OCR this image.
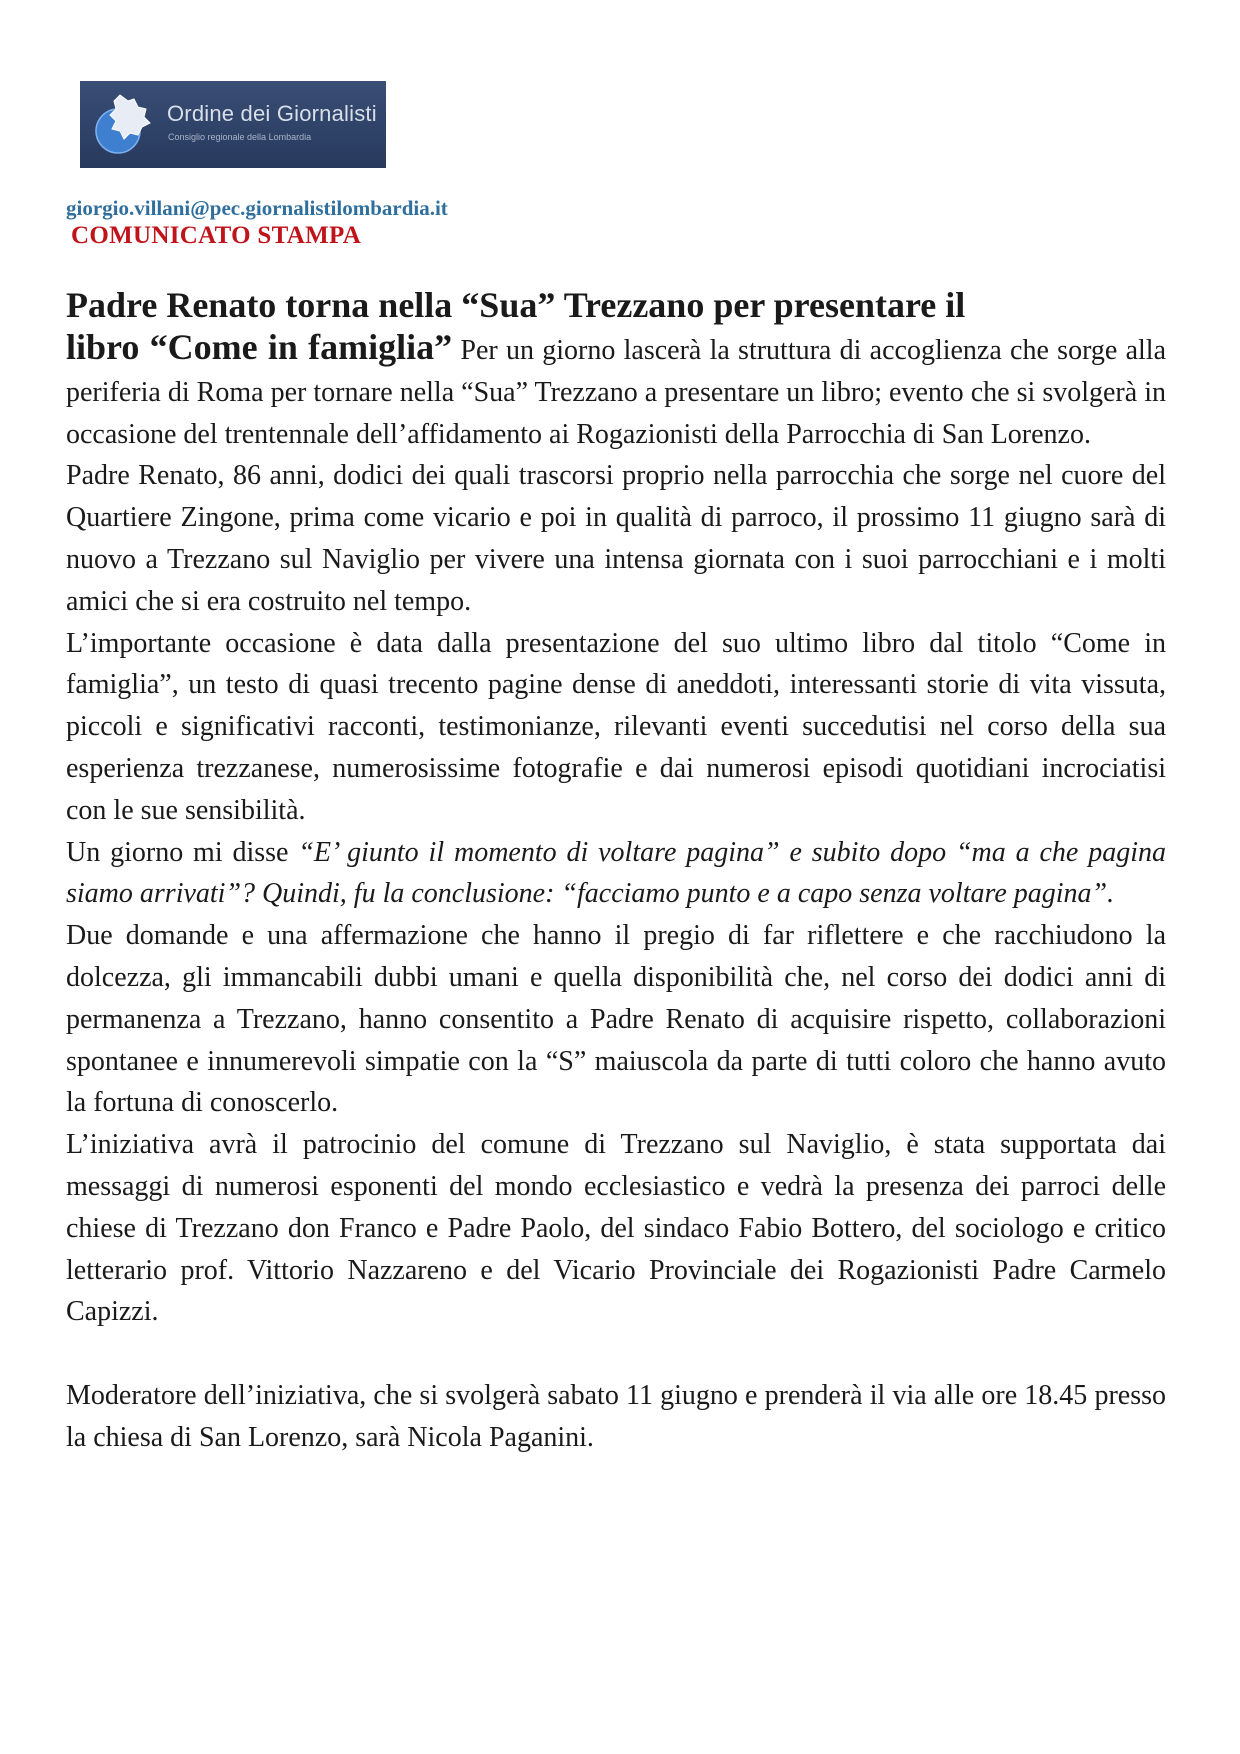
Ordine dei Giornalisti
Consiglio regionale della Lombardia
giorgio.villani@pec.giornalistilombardia.it
COMUNICATO STAMPA
Padre Renato torna nella “Sua” Trezzano per presentare il

libro “Come in famiglia” Per un giorno lascerà la struttura di accoglienza che sorge alla periferia di Roma per tornare nella “Sua” Trezzano a presentare un libro; evento che si svolgerà in occasione del trentennale dell’affidamento ai Rogazionisti della Parrocchia di San Lorenzo.

Padre Renato, 86 anni, dodici dei quali trascorsi proprio nella parrocchia che sorge nel cuore del Quartiere Zingone, prima come vicario e poi in qualità di parroco, il prossimo 11 giugno sarà di nuovo a Trezzano sul Naviglio per vivere una intensa giornata con i suoi parrocchiani e i molti amici che si era costruito nel tempo.

L’importante occasione è data dalla presentazione del suo ultimo libro dal titolo “Come in famiglia”, un testo di quasi trecento pagine dense di aneddoti, interessanti storie di vita vissuta, piccoli e significativi racconti, testimonianze, rilevanti eventi succedutisi nel corso della sua esperienza trezzanese, numerosissime fotografie e dai numerosi episodi quotidiani incrociatisi con le sue sensibilità.

Un giorno mi disse “E’ giunto il momento di voltare pagina” e subito dopo “ma a che pagina siamo arrivati”? Quindi, fu la conclusione: “facciamo punto e a capo senza voltare pagina”.

Due domande e una affermazione che hanno il pregio di far riflettere e che racchiudono la dolcezza, gli immancabili dubbi umani e quella disponibilità che, nel corso dei dodici anni di permanenza a Trezzano, hanno consentito a Padre Renato di acquisire rispetto, collaborazioni spontanee e innumerevoli simpatie con la “S” maiuscola da parte di tutti coloro che hanno avuto la fortuna di conoscerlo.

L’iniziativa avrà il patrocinio del comune di Trezzano sul Naviglio, è stata supportata dai messaggi di numerosi esponenti del mondo ecclesiastico e vedrà la presenza dei parroci delle chiese di Trezzano don Franco e Padre Paolo, del sindaco Fabio Bottero, del sociologo e critico letterario prof. Vittorio Nazzareno e del Vicario Provinciale dei Rogazionisti Padre Carmelo Capizzi.

Moderatore dell’iniziativa, che si svolgerà sabato 11 giugno e prenderà il via alle ore 18.45 presso la chiesa di San Lorenzo, sarà Nicola Paganini.
